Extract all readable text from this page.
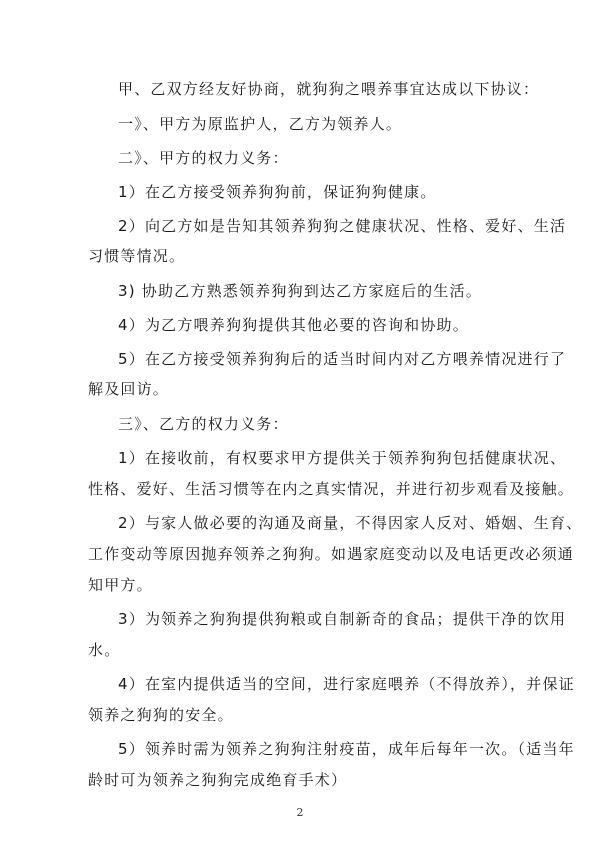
甲、乙双方经友好协商，就狗狗之喂养事宜达成以下协议：

一》、甲方为原监护人，乙方为领养人。

二》、甲方的权力义务：

1）在乙方接受领养狗狗前，保证狗狗健康。

2）向乙方如是告知其领养狗狗之健康状况、性格、爱好、生活

习惯等情况。

3) 协助乙方熟悉领养狗狗到达乙方家庭后的生活。

4）为乙方喂养狗狗提供其他必要的咨询和协助。

5）在乙方接受领养狗狗后的适当时间内对乙方喂养情况进行了

解及回访。

三》、乙方的权力义务：

1）在接收前，有权要求甲方提供关于领养狗狗包括健康状况、

性格、爱好、生活习惯等在内之真实情况，并进行初步观看及接触。

2）与家人做必要的沟通及商量，不得因家人反对、婚姻、生育、

工作变动等原因抛弃领养之狗狗。如遇家庭变动以及电话更改必须通

知甲方。

3）为领养之狗狗提供狗粮或自制新奇的食品；提供干净的饮用

水。

4）在室内提供适当的空间，进行家庭喂养（不得放养），并保证

领养之狗狗的安全。

5）领养时需为领养之狗狗注射疫苗，成年后每年一次。（适当年

龄时可为领养之狗狗完成绝育手术）

2
